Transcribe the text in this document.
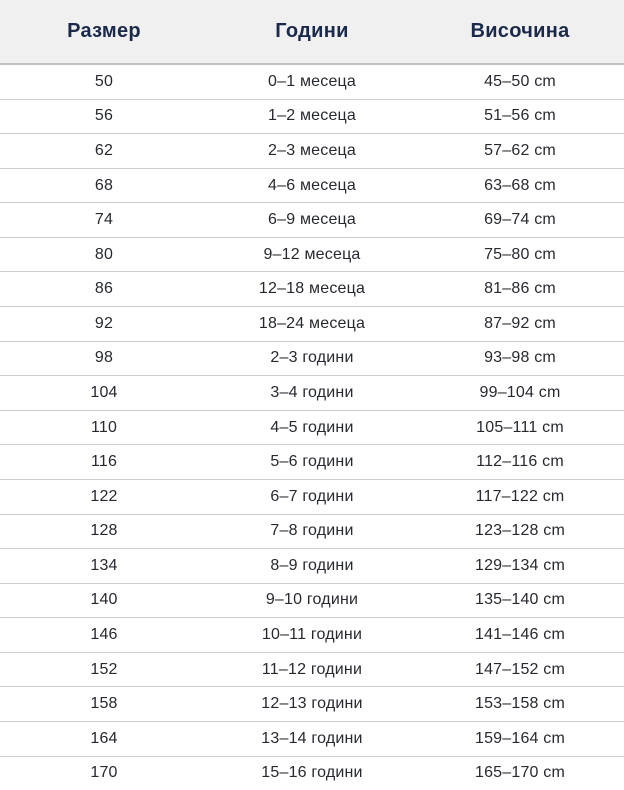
Размер	Години	Височина
50	0–1 месеца	45–50 cm
56	1–2 месеца	51–56 cm
62	2–3 месеца	57–62 cm
68	4–6 месеца	63–68 cm
74	6–9 месеца	69–74 cm
80	9–12 месеца	75–80 cm
86	12–18 месеца	81–86 cm
92	18–24 месеца	87–92 cm
98	2–3 години	93–98 cm
104	3–4 години	99–104 cm
110	4–5 години	105–111 cm
116	5–6 години	112–116 cm
122	6–7 години	117–122 cm
128	7–8 години	123–128 cm
134	8–9 години	129–134 cm
140	9–10 години	135–140 cm
146	10–11 години	141–146 cm
152	11–12 години	147–152 cm
158	12–13 години	153–158 cm
164	13–14 години	159–164 cm
170	15–16 години	165–170 cm
